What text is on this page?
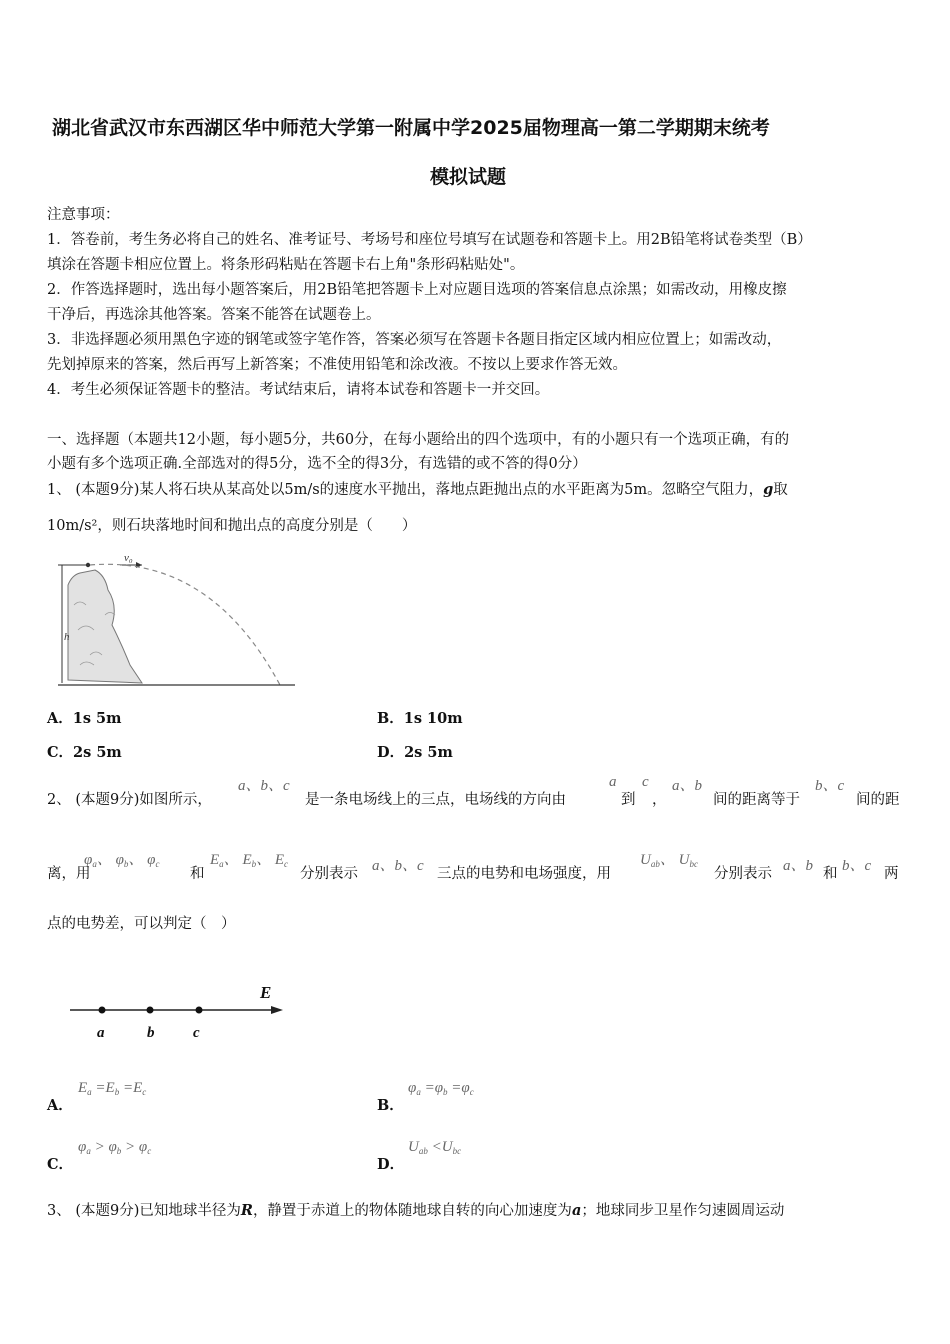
湖北省武汉市东西湖区华中师范大学第一附属中学2025届物理高一第二学期期末统考
模拟试题
注意事项：
1．答卷前，考生务必将自己的姓名、准考证号、考场号和座位号填写在试题卷和答题卡上。用2B铅笔将试卷类型（B）
填涂在答题卡相应位置上。将条形码粘贴在答题卡右上角"条形码粘贴处"。
2．作答选择题时，选出每小题答案后，用2B铅笔把答题卡上对应题目选项的答案信息点涂黑；如需改动，用橡皮擦
干净后，再选涂其他答案。答案不能答在试题卷上。
3．非选择题必须用黑色字迹的钢笔或签字笔作答，答案必须写在答题卡各题目指定区域内相应位置上；如需改动，
先划掉原来的答案，然后再写上新答案；不准使用铅笔和涂改液。不按以上要求作答无效。
4．考生必须保证答题卡的整洁。考试结束后，请将本试卷和答题卡一并交回。
一、选择题（本题共12小题，每小题5分，共60分，在每小题给出的四个选项中，有的小题只有一个选项正确，有的
小题有多个选项正确.全部选对的得5分，选不全的得3分，有选错的或不答的得0分）
1、 (本题9分)某人将石块从某高处以5m/s的速度水平抛出，落地点距抛出点的水平距离为5m。忽略空气阻力，g取
10m/s²，则石块落地时间和抛出点的高度分别是（　　）
v₀
h
A．1s 5m	B．1s 10m
C．2s 5m	D．2s 5m
2、 (本题9分)如图所示，
a、b、c
是一条电场线上的三点，电场线的方向由
a
到
c
，
a、b
间的距离等于
b、c
间的距
离，用
$\varphi_a$、 $\varphi_b$、 $\varphi_c$
和
$E_a$、 $E_b$、 $E_c$
分别表示 a、b、c 三点的电势和电场强度，用
$U_{ab}$、 $U_{bc}$
分别表示 a、b 和 b、c 两
点的电势差，可以判定（　）
E
a	b	c
A．
$E_a =E_b =E_c$
B．
$\varphi_a =\varphi_b =\varphi_c$
C．
$\varphi_a > \varphi_b > \varphi_c$
D．
$U_{ab} <U_{bc}$
3、 (本题9分)已知地球半径为R，静置于赤道上的物体随地球自转的向心加速度为a；地球同步卫星作匀速圆周运动
